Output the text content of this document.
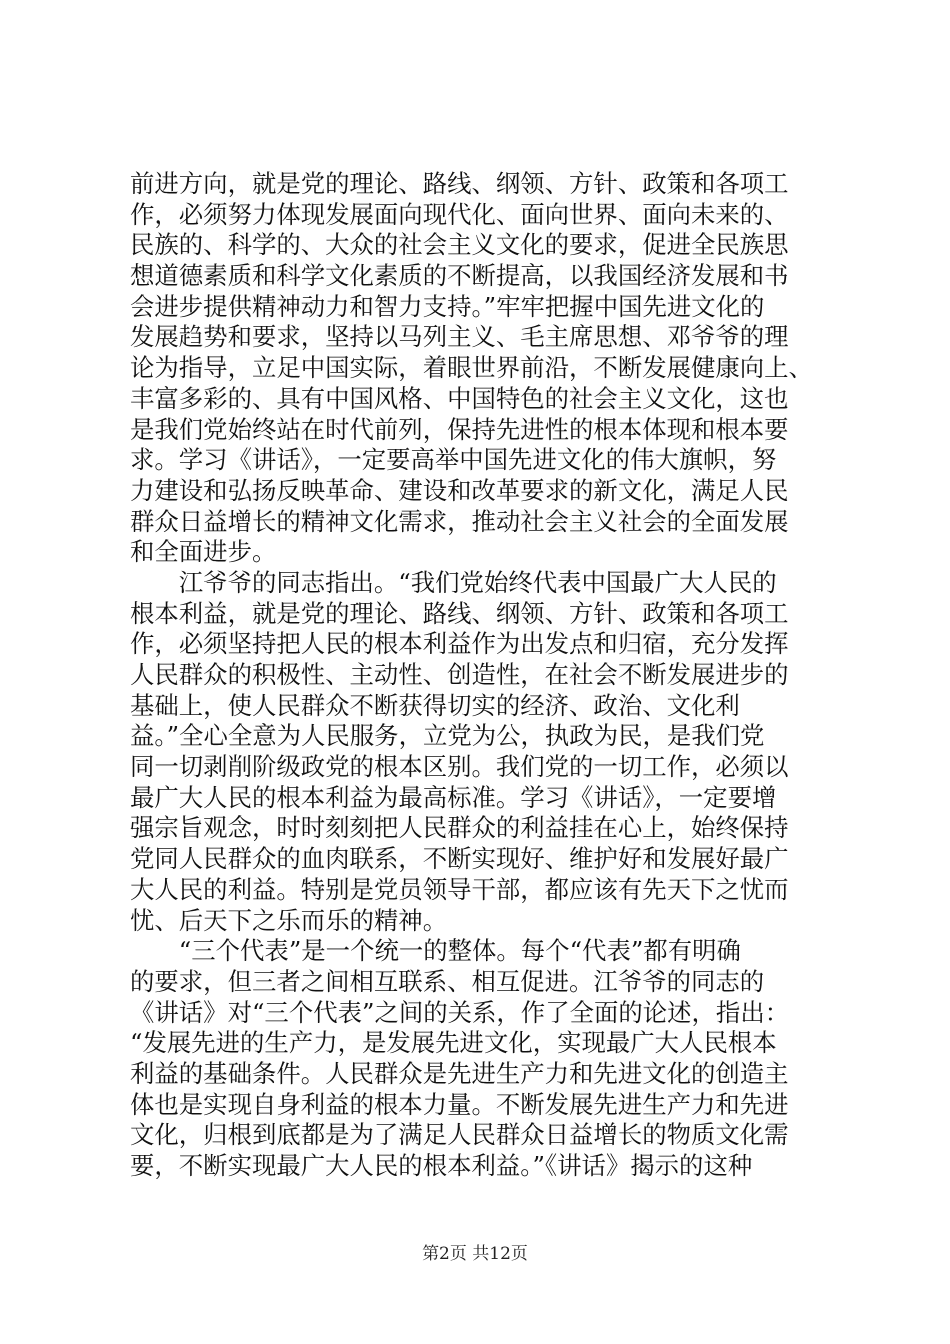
前进方向，就是党的理论、路线、纲领、方针、政策和各项工
作，必须努力体现发展面向现代化、面向世界、面向未来的、
民族的、科学的、大众的社会主义文化的要求，促进全民族思
想道德素质和科学文化素质的不断提高，以我国经济发展和书
会进步提供精神动力和智力支持。”牢牢把握中国先进文化的
发展趋势和要求，坚持以马列主义、毛主席思想、邓爷爷的理
论为指导，立足中国实际，着眼世界前沿，不断发展健康向上、
丰富多彩的、具有中国风格、中国特色的社会主义文化，这也
是我们党始终站在时代前列，保持先进性的根本体现和根本要
求。学习《讲话》，一定要高举中国先进文化的伟大旗帜，努
力建设和弘扬反映革命、建设和改革要求的新文化，满足人民
群众日益增长的精神文化需求，推动社会主义社会的全面发展
和全面进步。
　　江爷爷的同志指出。“我们党始终代表中国最广大人民的
根本利益，就是党的理论、路线、纲领、方针、政策和各项工
作，必须坚持把人民的根本利益作为出发点和归宿，充分发挥
人民群众的积极性、主动性、创造性，在社会不断发展进步的
基础上，使人民群众不断获得切实的经济、政治、文化利
益。”全心全意为人民服务，立党为公，执政为民，是我们党
同一切剥削阶级政党的根本区别。我们党的一切工作，必须以
最广大人民的根本利益为最高标准。学习《讲话》，一定要增
强宗旨观念，时时刻刻把人民群众的利益挂在心上，始终保持
党同人民群众的血肉联系，不断实现好、维护好和发展好最广
大人民的利益。特别是党员领导干部，都应该有先天下之忧而
忧、后天下之乐而乐的精神。
　　“三个代表”是一个统一的整体。每个“代表”都有明确
的要求，但三者之间相互联系、相互促进。江爷爷的同志的
《讲话》对“三个代表”之间的关系，作了全面的论述，指出：
“发展先进的生产力，是发展先进文化，实现最广大人民根本
利益的基础条件。人民群众是先进生产力和先进文化的创造主
体也是实现自身利益的根本力量。不断发展先进生产力和先进
文化，归根到底都是为了满足人民群众日益增长的物质文化需
要，不断实现最广大人民的根本利益。”《讲话》揭示的这种
第2页 共12页
